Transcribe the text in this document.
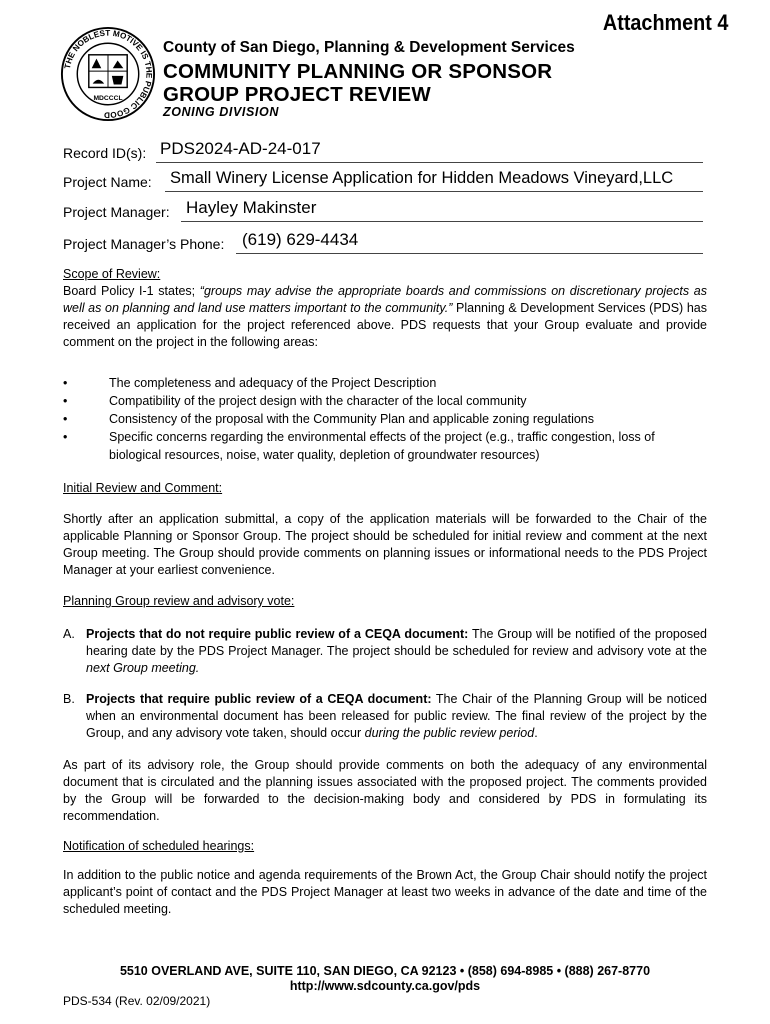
Attachment 4
THE NOBLEST MOTIVE IS THE PUBLIC GOOD
MDCCCL
County of San Diego, Planning & Development Services
COMMUNITY PLANNING OR SPONSOR
GROUP PROJECT REVIEW
ZONING DIVISION
Record ID(s): PDS2024-AD-24-017
Project Name: Small Winery License Application for Hidden Meadows Vineyard,LLC
Project Manager: Hayley Makinster
Project Manager’s Phone: (619) 629-4434
Scope of Review:
Board Policy I-1 states; “groups may advise the appropriate boards and commissions on discretionary projects as well as on planning and land use matters important to the community.” Planning & Development Services (PDS) has received an application for the project referenced above. PDS requests that your Group evaluate and provide comment on the project in the following areas:
•	The completeness and adequacy of the Project Description
•	Compatibility of the project design with the character of the local community
•	Consistency of the proposal with the Community Plan and applicable zoning regulations
•	Specific concerns regarding the environmental effects of the project (e.g., traffic congestion, loss of biological resources, noise, water quality, depletion of groundwater resources)
Initial Review and Comment:
Shortly after an application submittal, a copy of the application materials will be forwarded to the Chair of the applicable Planning or Sponsor Group. The project should be scheduled for initial review and comment at the next Group meeting. The Group should provide comments on planning issues or informational needs to the PDS Project Manager at your earliest convenience.
Planning Group review and advisory vote:
A. Projects that do not require public review of a CEQA document: The Group will be notified of the proposed hearing date by the PDS Project Manager. The project should be scheduled for review and advisory vote at the next Group meeting.
B. Projects that require public review of a CEQA document: The Chair of the Planning Group will be noticed when an environmental document has been released for public review. The final review of the project by the Group, and any advisory vote taken, should occur during the public review period.
As part of its advisory role, the Group should provide comments on both the adequacy of any environmental document that is circulated and the planning issues associated with the proposed project. The comments provided by the Group will be forwarded to the decision-making body and considered by PDS in formulating its recommendation.
Notification of scheduled hearings:
In addition to the public notice and agenda requirements of the Brown Act, the Group Chair should notify the project applicant’s point of contact and the PDS Project Manager at least two weeks in advance of the date and time of the scheduled meeting.
5510 OVERLAND AVE, SUITE 110, SAN DIEGO, CA 92123 • (858) 694-8985 • (888) 267-8770
http://www.sdcounty.ca.gov/pds
PDS-534 (Rev. 02/09/2021)
